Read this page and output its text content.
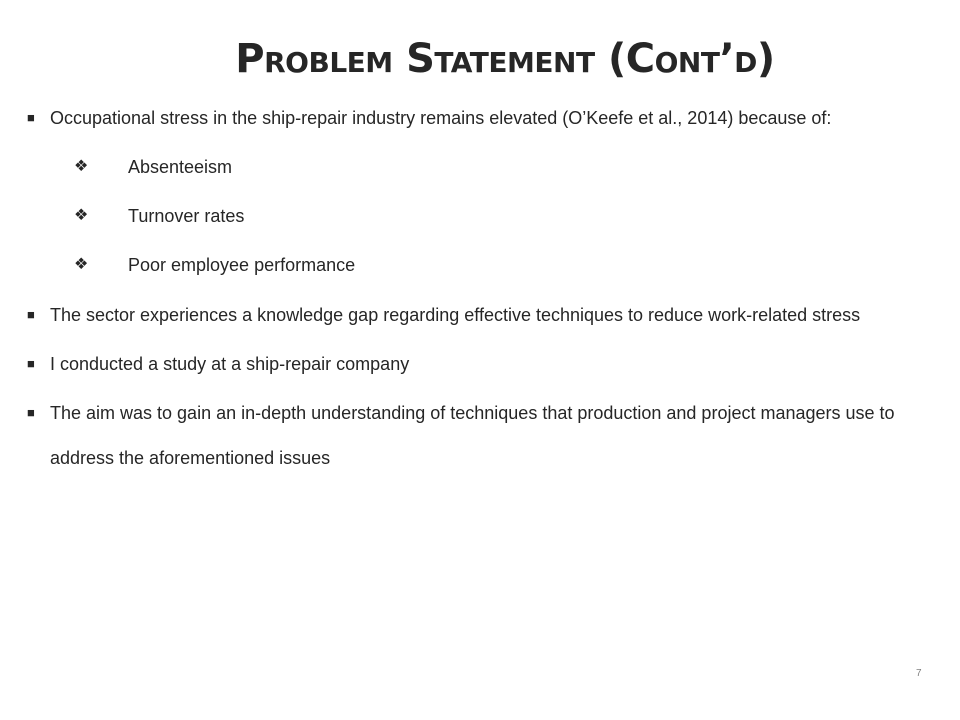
Problem Statement (Cont’d)
■ Occupational stress in the ship-repair industry remains elevated (O’Keefe et al., 2014) because of:
❖ Absenteeism
❖ Turnover rates
❖ Poor employee performance
■ The sector experiences a knowledge gap regarding effective techniques to reduce work-related stress
■ I conducted a study at a ship-repair company
■ The aim was to gain an in-depth understanding of techniques that production and project managers use to address the aforementioned issues
7
